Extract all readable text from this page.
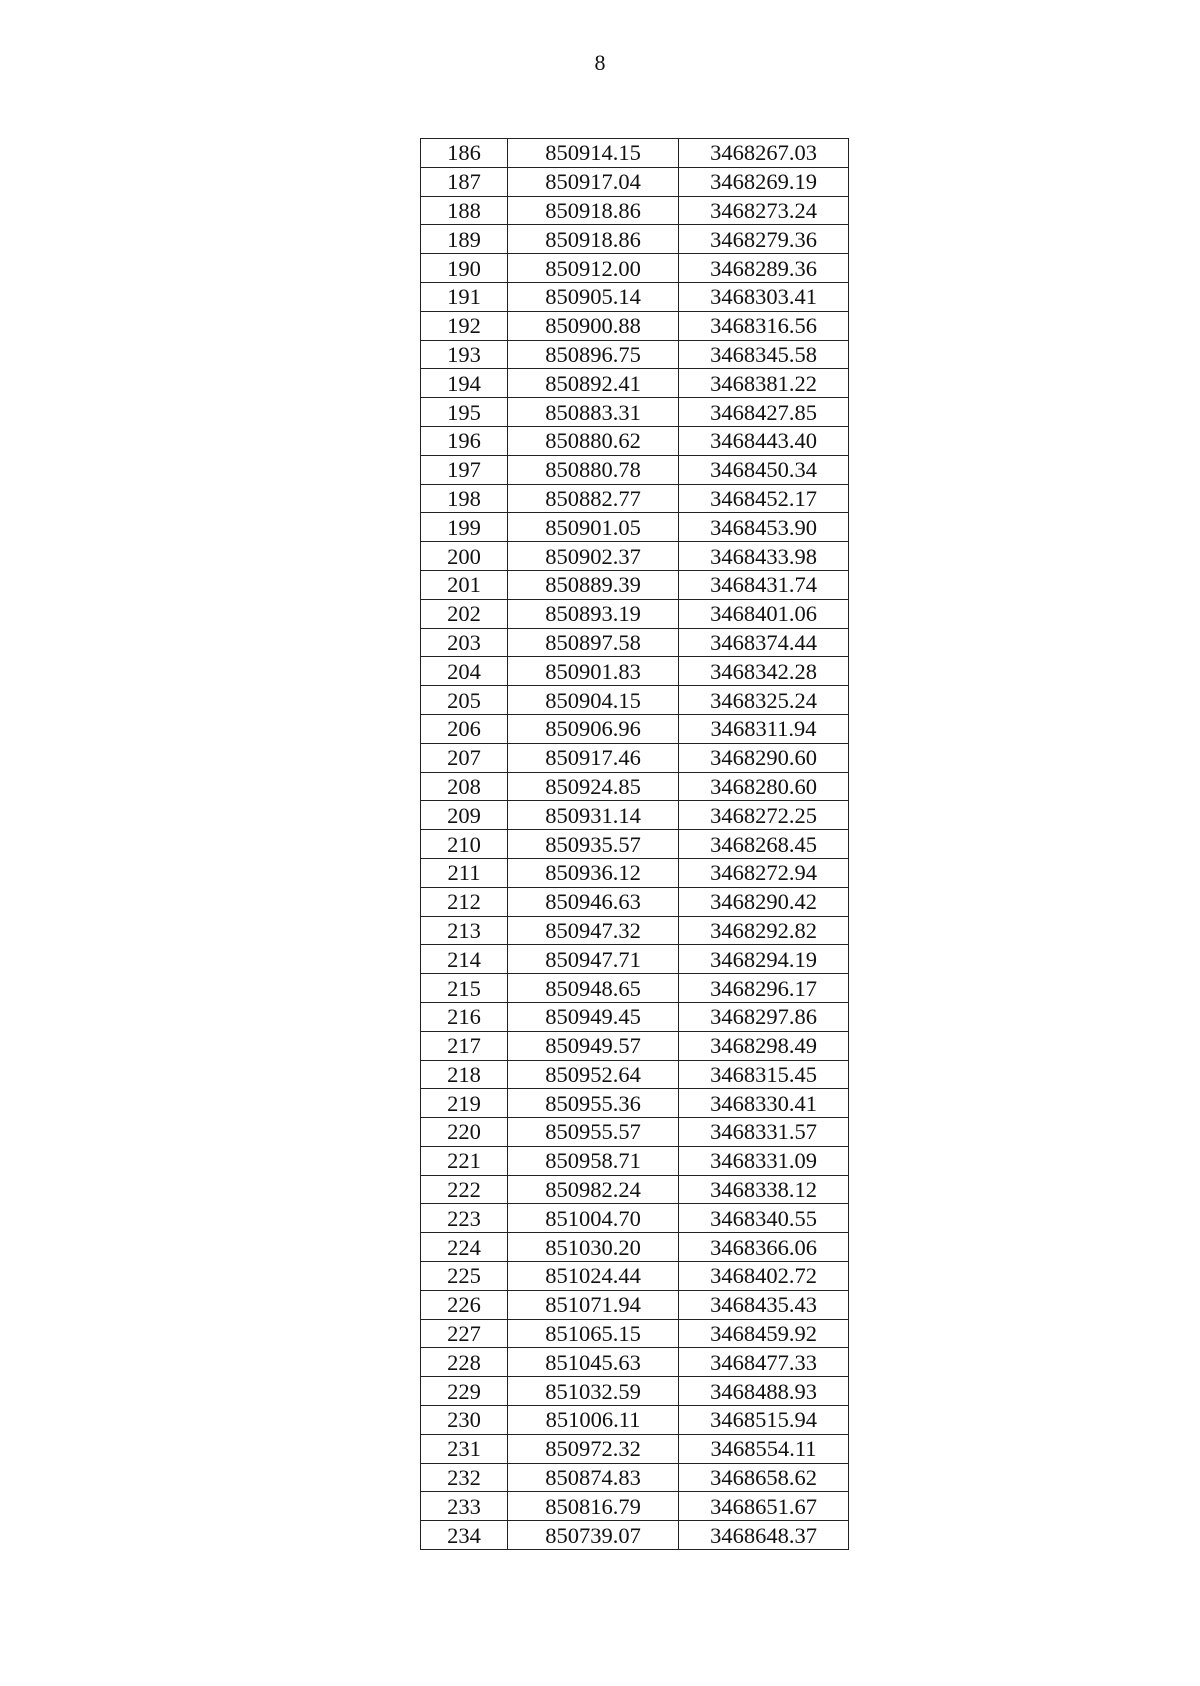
8
186	850914.15	3468267.03
187	850917.04	3468269.19
188	850918.86	3468273.24
189	850918.86	3468279.36
190	850912.00	3468289.36
191	850905.14	3468303.41
192	850900.88	3468316.56
193	850896.75	3468345.58
194	850892.41	3468381.22
195	850883.31	3468427.85
196	850880.62	3468443.40
197	850880.78	3468450.34
198	850882.77	3468452.17
199	850901.05	3468453.90
200	850902.37	3468433.98
201	850889.39	3468431.74
202	850893.19	3468401.06
203	850897.58	3468374.44
204	850901.83	3468342.28
205	850904.15	3468325.24
206	850906.96	3468311.94
207	850917.46	3468290.60
208	850924.85	3468280.60
209	850931.14	3468272.25
210	850935.57	3468268.45
211	850936.12	3468272.94
212	850946.63	3468290.42
213	850947.32	3468292.82
214	850947.71	3468294.19
215	850948.65	3468296.17
216	850949.45	3468297.86
217	850949.57	3468298.49
218	850952.64	3468315.45
219	850955.36	3468330.41
220	850955.57	3468331.57
221	850958.71	3468331.09
222	850982.24	3468338.12
223	851004.70	3468340.55
224	851030.20	3468366.06
225	851024.44	3468402.72
226	851071.94	3468435.43
227	851065.15	3468459.92
228	851045.63	3468477.33
229	851032.59	3468488.93
230	851006.11	3468515.94
231	850972.32	3468554.11
232	850874.83	3468658.62
233	850816.79	3468651.67
234	850739.07	3468648.37
